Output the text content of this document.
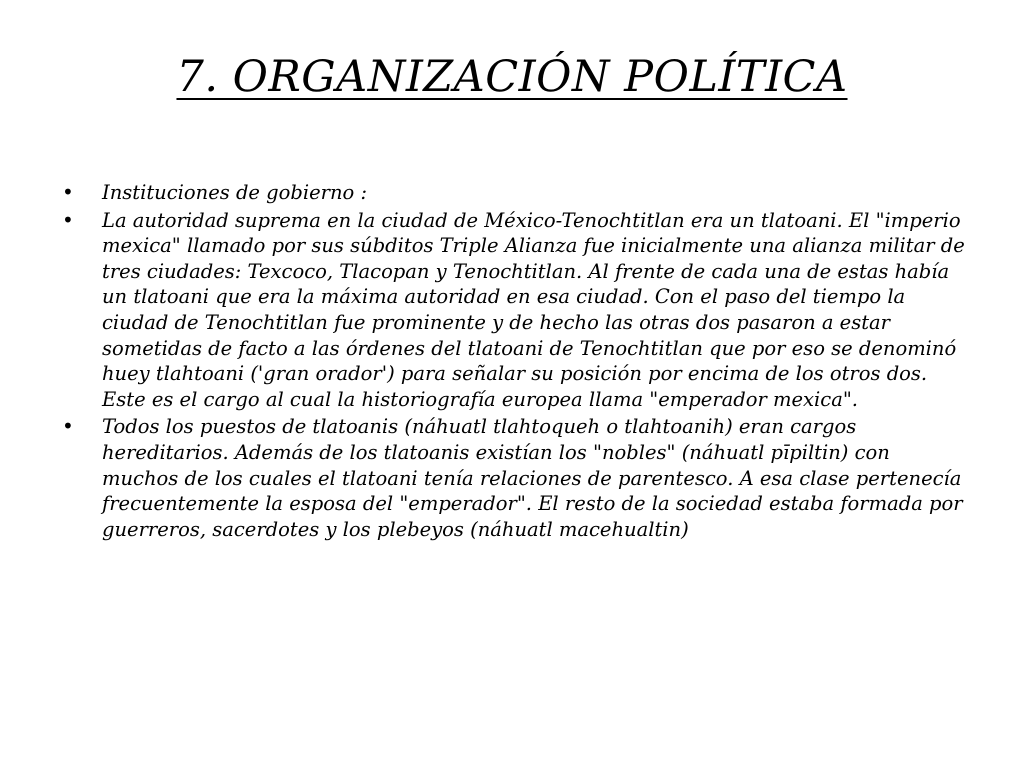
7. ORGANIZACIÓN POLÍTICA
• Instituciones de gobierno :
• La autoridad suprema en la ciudad de México-Tenochtitlan era un tlatoani. El "imperio mexica" llamado por sus súbditos Triple Alianza fue inicialmente una alianza militar de tres ciudades: Texcoco, Tlacopan y Tenochtitlan. Al frente de cada una de estas había un tlatoani que era la máxima autoridad en esa ciudad. Con el paso del tiempo la ciudad de Tenochtitlan fue prominente y de hecho las otras dos pasaron a estar sometidas de facto a las órdenes del tlatoani de Tenochtitlan que por eso se denominó huey tlahtoani ('gran orador') para señalar su posición por encima de los otros dos. Este es el cargo al cual la historiografía europea llama "emperador mexica".
• Todos los puestos de tlatoanis (náhuatl tlahtoqueh o tlahtoanih) eran cargos hereditarios. Además de los tlatoanis existían los "nobles" (náhuatl pīpiltin) con muchos de los cuales el tlatoani tenía relaciones de parentesco. A esa clase pertenecía frecuentemente la esposa del "emperador". El resto de la sociedad estaba formada por guerreros, sacerdotes y los plebeyos (náhuatl macehualtin)
